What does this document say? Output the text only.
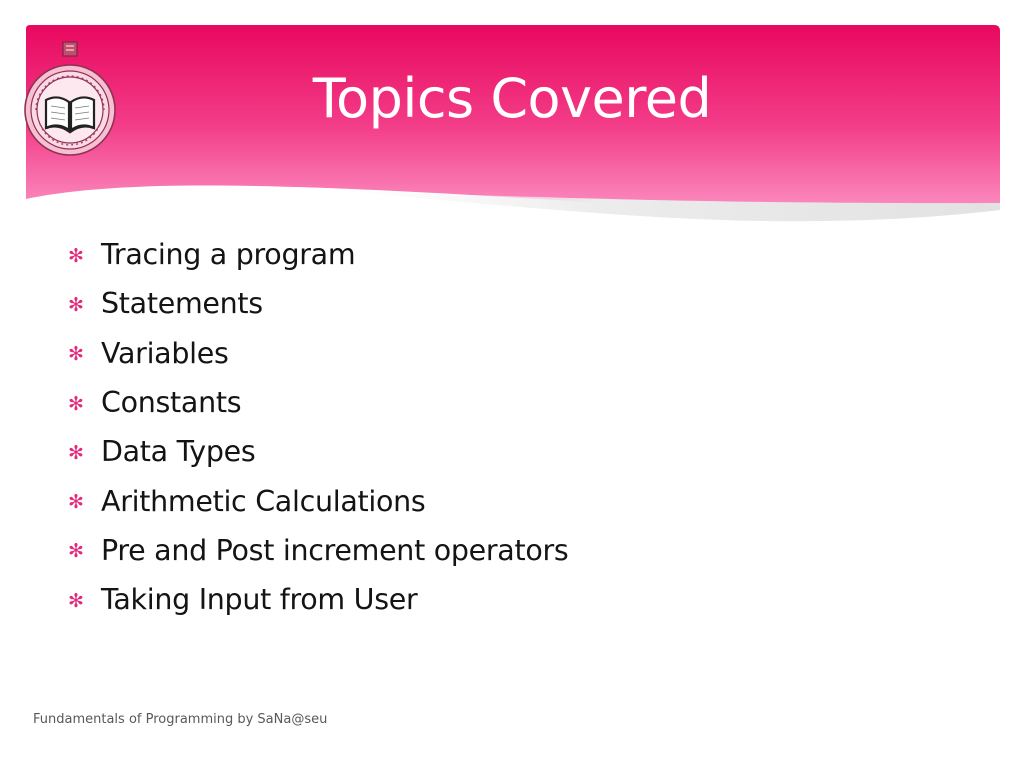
Topics Covered
✻ Tracing a program
✻ Statements
✻ Variables
✻ Constants
✻ Data Types
✻ Arithmetic Calculations
✻ Pre and Post increment operators
✻ Taking Input from User
Fundamentals of Programming by SaNa@seu
